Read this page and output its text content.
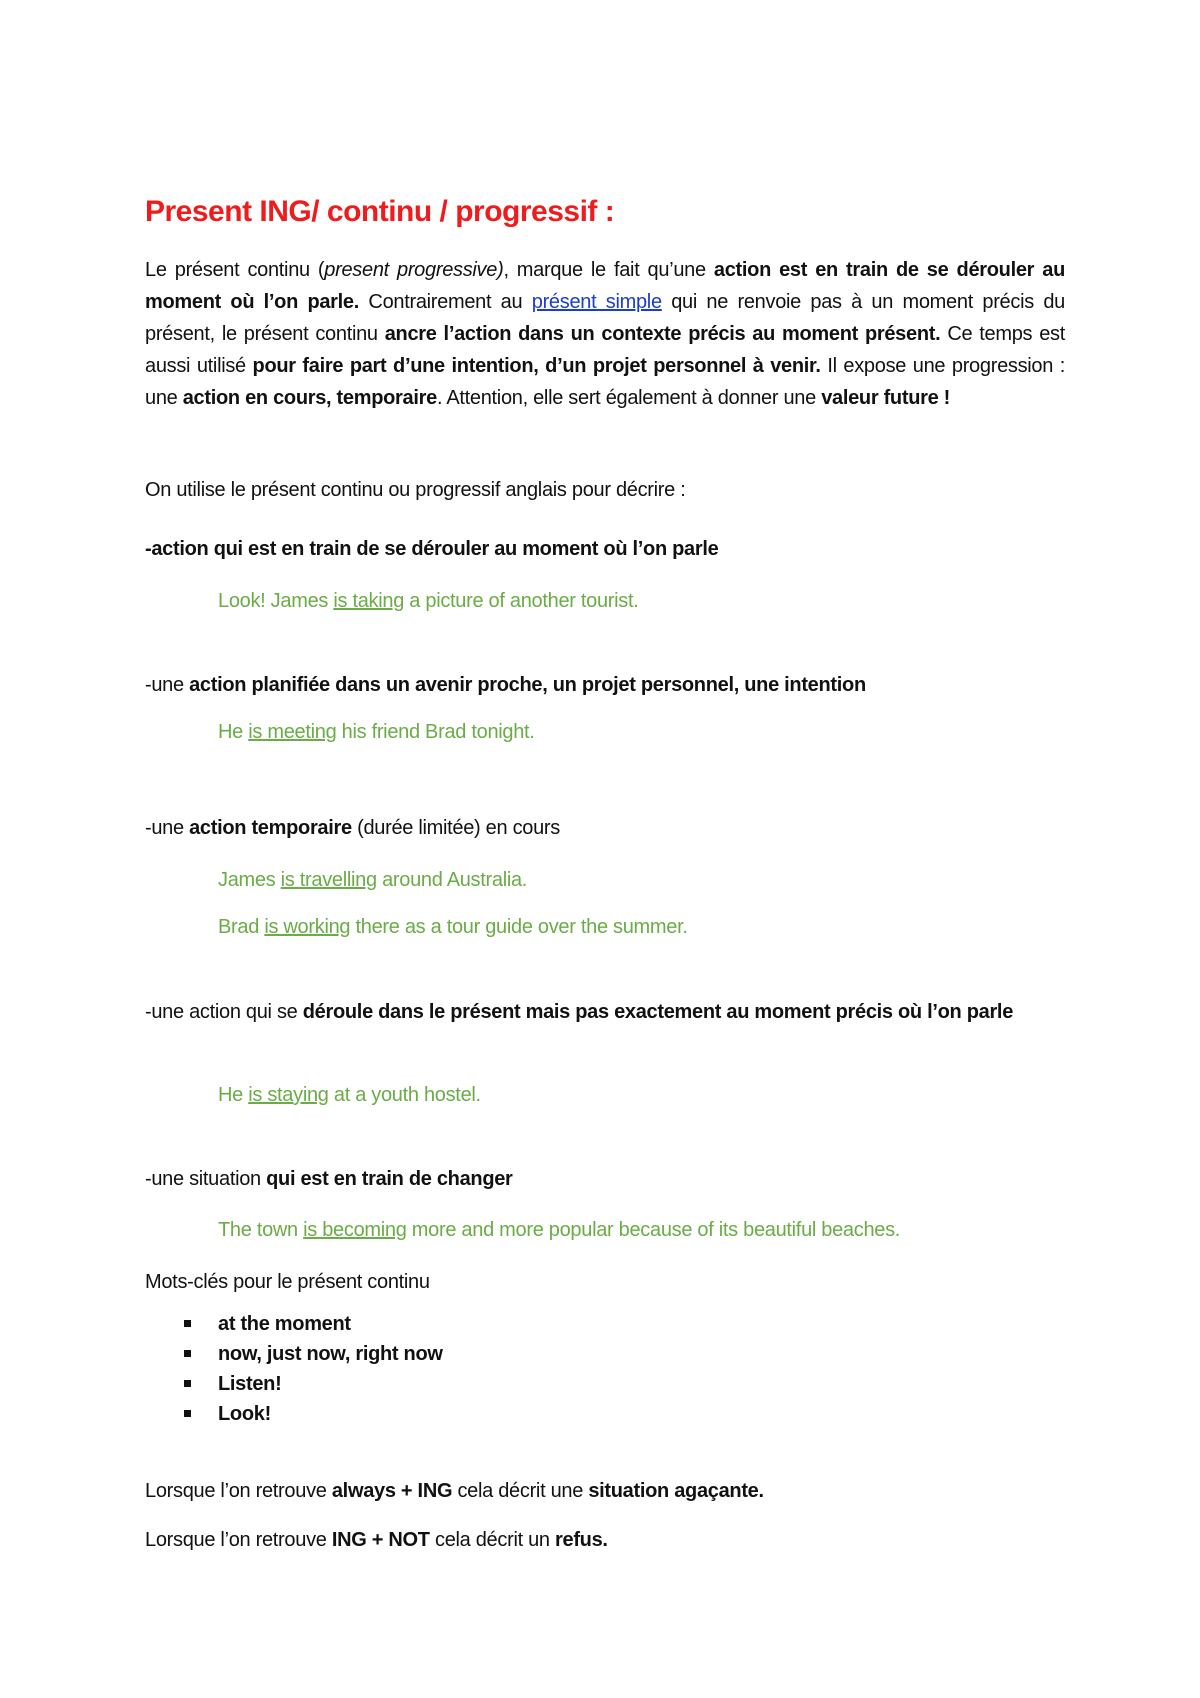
Present ING/ continu / progressif :

Le présent continu (present progressive), marque le fait qu’une action est en train de se dérouler au moment où l’on parle. Contrairement au présent simple qui ne renvoie pas à un moment précis du présent, le présent continu ancre l’action dans un contexte précis au moment présent. Ce temps est aussi utilisé pour faire part d’une intention, d’un projet personnel à venir. Il expose une progression : une action en cours, temporaire. Attention, elle sert également à donner une valeur future !

On utilise le présent continu ou progressif anglais pour décrire :

-action qui est en train de se dérouler au moment où l’on parle

Look! James is taking a picture of another tourist.

-une action planifiée dans un avenir proche, un projet personnel, une intention

He is meeting his friend Brad tonight.

-une action temporaire (durée limitée) en cours

James is travelling around Australia.

Brad is working there as a tour guide over the summer.

-une action qui se déroule dans le présent mais pas exactement au moment précis où l’on parle

He is staying at a youth hostel.

-une situation qui est en train de changer

The town is becoming more and more popular because of its beautiful beaches.

Mots-clés pour le présent continu

at the moment
now, just now, right now
Listen!
Look!

Lorsque l’on retrouve always + ING cela décrit une situation agaçante.

Lorsque l’on retrouve ING + NOT cela décrit un refus.
